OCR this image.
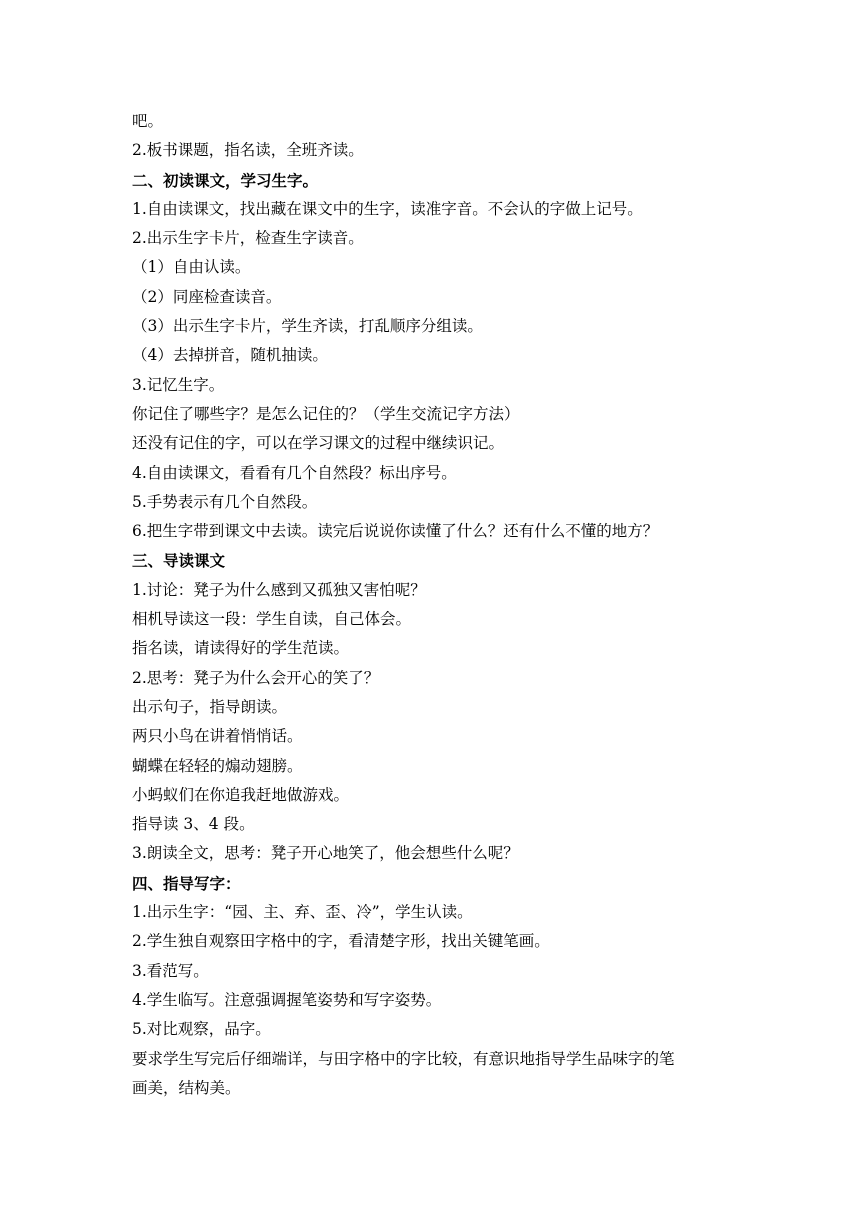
吧。
2.板书课题，指名读，全班齐读。
二、初读课文，学习生字。
1.自由读课文，找出藏在课文中的生字，读准字音。不会认的字做上记号。
2.出示生字卡片，检查生字读音。
（1）自由认读。
（2）同座检查读音。
（3）出示生字卡片，学生齐读，打乱顺序分组读。
（4）去掉拼音，随机抽读。
3.记忆生字。
你记住了哪些字？是怎么记住的？（学生交流记字方法）
还没有记住的字，可以在学习课文的过程中继续识记。
4.自由读课文，看看有几个自然段？标出序号。
5.手势表示有几个自然段。
6.把生字带到课文中去读。读完后说说你读懂了什么？还有什么不懂的地方？
三、导读课文
1.讨论：凳子为什么感到又孤独又害怕呢？
相机导读这一段：学生自读，自己体会。
指名读，请读得好的学生范读。
2.思考：凳子为什么会开心的笑了？
出示句子，指导朗读。
两只小鸟在讲着悄悄话。
蝴蝶在轻轻的煽动翅膀。
小蚂蚁们在你追我赶地做游戏。
指导读 3、4 段。
3.朗读全文，思考：凳子开心地笑了，他会想些什么呢？
四、指导写字：
1.出示生字：“园、主、弃、歪、冷”，学生认读。
2.学生独自观察田字格中的字，看清楚字形，找出关键笔画。
3.看范写。
4.学生临写。注意强调握笔姿势和写字姿势。
5.对比观察，品字。
要求学生写完后仔细端详，与田字格中的字比较，有意识地指导学生品味字的笔
画美，结构美。
